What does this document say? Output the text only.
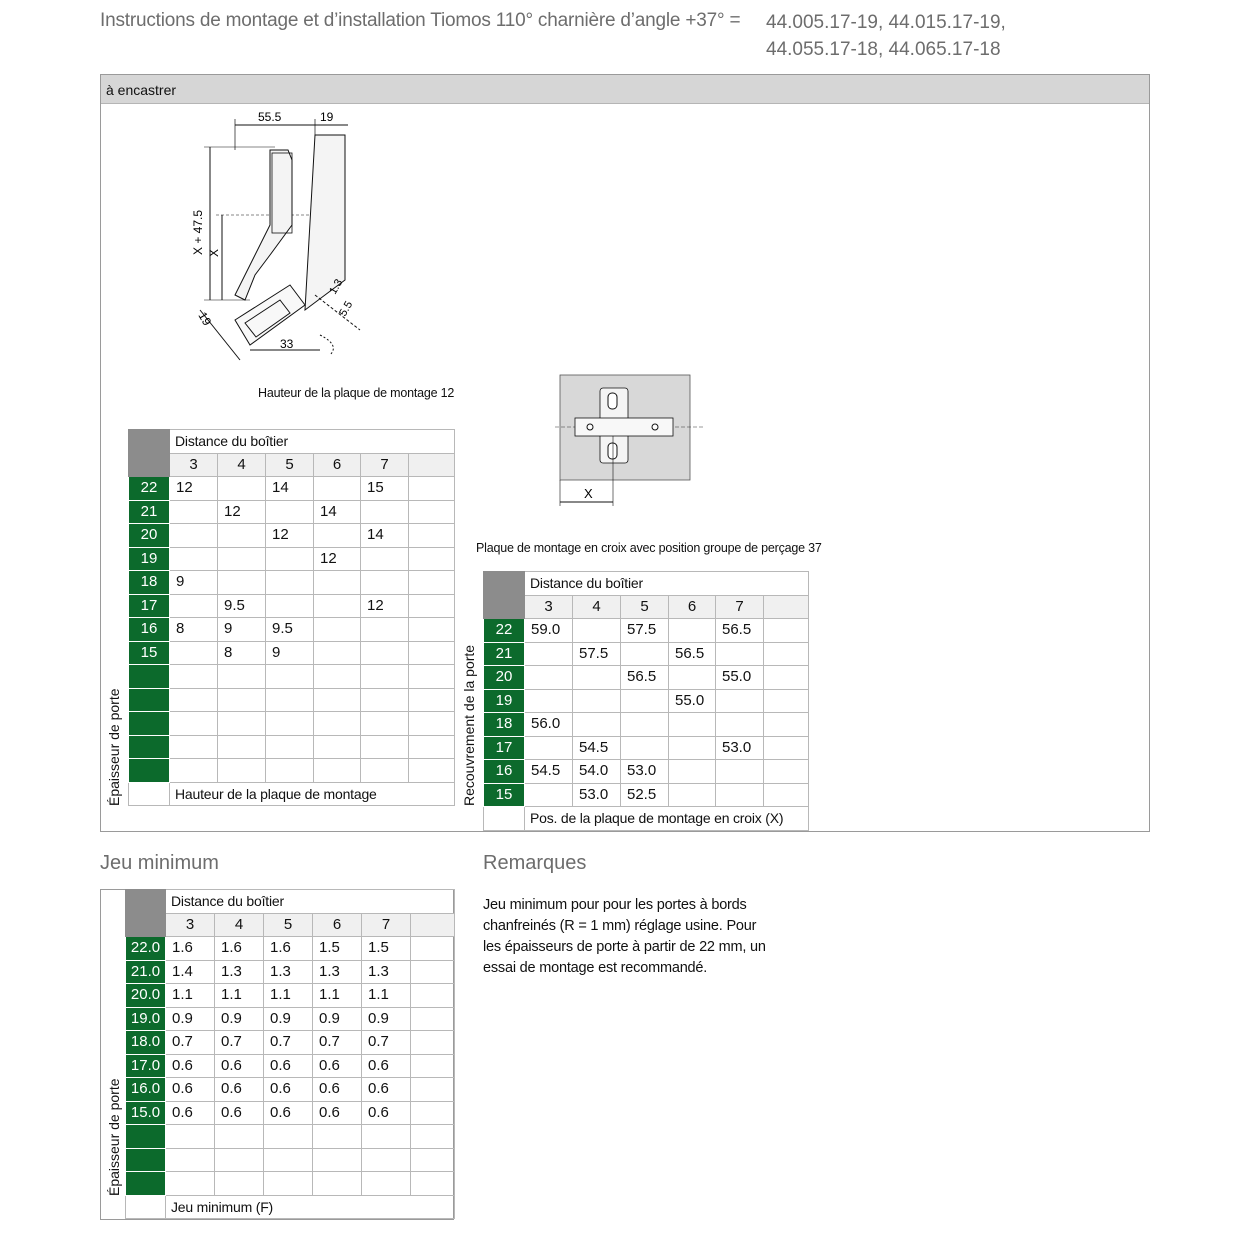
Instructions de montage et d’installation Tiomos 110° charnière d’angle +37° = 44.005.17-19, 44.015.17-19,
44.055.17-18, 44.065.17-18
à encastrer
55.5	19
X + 47.5 X
19
1.3
5.5
33
Hauteur de la plaque de montage 12
X
Plaque de montage en croix avec position groupe de perçage 37
	Distance du boîtier					
	3	4	5	6	7	
22	12		14		15	
21		12		14		
20			12		14	
19				12		
18	9					
17		9.5			12	
16	8	9	9.5			
15		8	9			

	Hauteur de la plaque de montage					
Épaisseur de porte
	Distance du boîtier					
	3	4	5	6	7	
22	59.0		57.5		56.5	
21		57.5		56.5		
20			56.5		55.0	
19				55.0		
18	56.0					
17		54.5			53.0	
16	54.5	54.0	53.0			
15		53.0	52.5			
	Pos. de la plaque de montage en croix (X)					
Recouvrement de la porte
Jeu minimum
	Distance du boîtier					
	3	4	5	6	7	
22.0	1.6	1.6	1.6	1.5	1.5	
21.0	1.4	1.3	1.3	1.3	1.3	
20.0	1.1	1.1	1.1	1.1	1.1	
19.0	0.9	0.9	0.9	0.9	0.9	
18.0	0.7	0.7	0.7	0.7	0.7	
17.0	0.6	0.6	0.6	0.6	0.6	
16.0	0.6	0.6	0.6	0.6	0.6	
15.0	0.6	0.6	0.6	0.6	0.6	

	Jeu minimum (F)					
Épaisseur de porte
Remarques
Jeu minimum pour pour les portes à bords chanfreinés (R = 1 mm) réglage usine. Pour les épaisseurs de porte à partir de 22 mm, un essai de montage est recommandé.
